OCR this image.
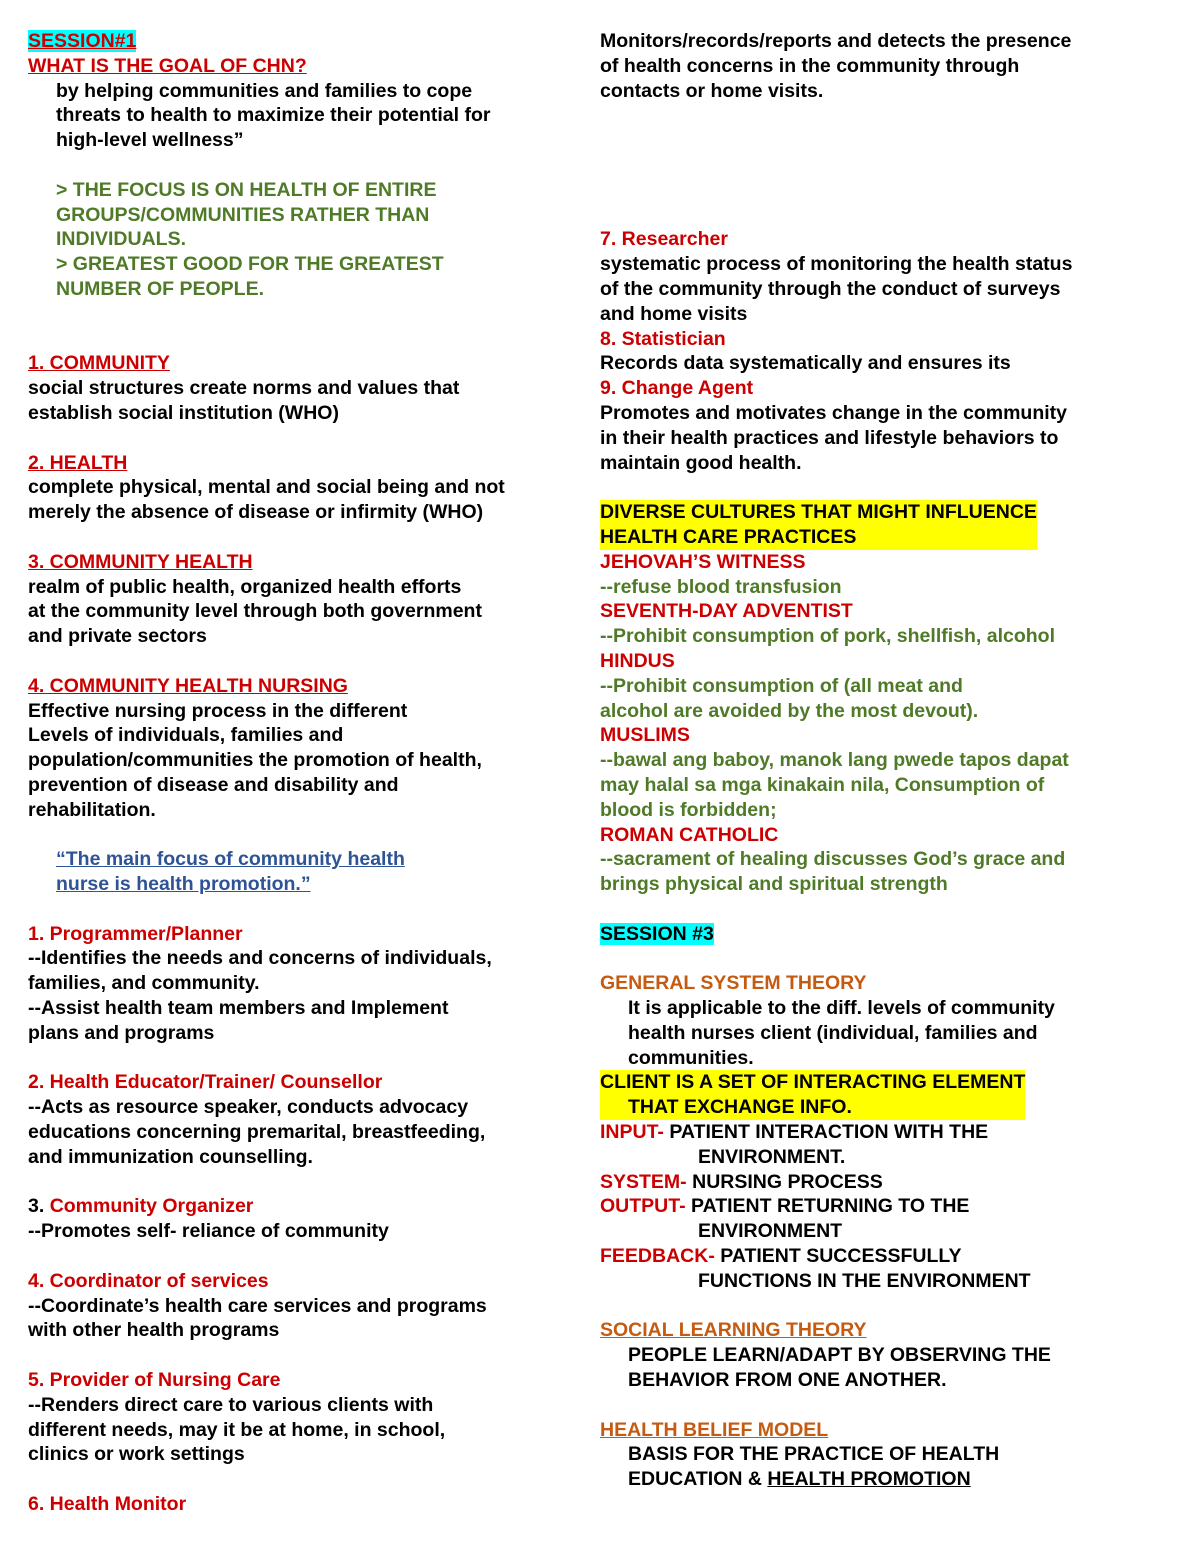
SESSION#1
WHAT IS THE GOAL OF CHN?
by helping communities and families to cope
threats to health to maximize their potential for
high-level wellness”
> THE FOCUS IS ON HEALTH OF ENTIRE
GROUPS/COMMUNITIES RATHER THAN
INDIVIDUALS.
> GREATEST GOOD FOR THE GREATEST
NUMBER OF PEOPLE.
1. COMMUNITY
social structures create norms and values that
establish social institution (WHO)
2. HEALTH
complete physical, mental and social being and not
merely the absence of disease or infirmity (WHO)
3. COMMUNITY HEALTH
realm of public health, organized health efforts
at the community level through both government
and private sectors
4. COMMUNITY HEALTH NURSING
Effective nursing process in the different
Levels of individuals, families and
population/communities the promotion of health,
prevention of disease and disability and
rehabilitation.
“The main focus of community health
nurse is health promotion.”
1. Programmer/Planner
--Identifies the needs and concerns of individuals,
families, and community.
--Assist health team members and Implement
plans and programs
2. Health Educator/Trainer/ Counsellor
--Acts as resource speaker, conducts advocacy
educations concerning premarital, breastfeeding,
and immunization counselling.
3. Community Organizer
--Promotes self- reliance of community
4. Coordinator of services
--Coordinate’s health care services and programs
with other health programs
5. Provider of Nursing Care
--Renders direct care to various clients with
different needs, may it be at home, in school,
clinics or work settings
6. Health Monitor
Monitors/records/reports and detects the presence
of health concerns in the community through
contacts or home visits.
7. Researcher
systematic process of monitoring the health status
of the community through the conduct of surveys
and home visits
8. Statistician
Records data systematically and ensures its
9. Change Agent
Promotes and motivates change in the community
in their health practices and lifestyle behaviors to
maintain good health.
DIVERSE CULTURES THAT MIGHT INFLUENCE
HEALTH CARE PRACTICES
JEHOVAH’S WITNESS
--refuse blood transfusion
SEVENTH-DAY ADVENTIST
--Prohibit consumption of pork, shellfish, alcohol
HINDUS
--Prohibit consumption of (all meat and
alcohol are avoided by the most devout).
MUSLIMS
--bawal ang baboy, manok lang pwede tapos dapat
may halal sa mga kinakain nila, Consumption of
blood is forbidden;
ROMAN CATHOLIC
--sacrament of healing discusses God’s grace and
brings physical and spiritual strength
SESSION #3
GENERAL SYSTEM THEORY
It is applicable to the diff. levels of community
health nurses client (individual, families and
communities.
CLIENT IS A SET OF INTERACTING ELEMENT
THAT EXCHANGE INFO.
INPUT- PATIENT INTERACTION WITH THE
ENVIRONMENT.
SYSTEM- NURSING PROCESS
OUTPUT- PATIENT RETURNING TO THE
ENVIRONMENT
FEEDBACK- PATIENT SUCCESSFULLY
FUNCTIONS IN THE ENVIRONMENT
SOCIAL LEARNING THEORY
PEOPLE LEARN/ADAPT BY OBSERVING THE
BEHAVIOR FROM ONE ANOTHER.
HEALTH BELIEF MODEL
BASIS FOR THE PRACTICE OF HEALTH
EDUCATION & HEALTH PROMOTION
